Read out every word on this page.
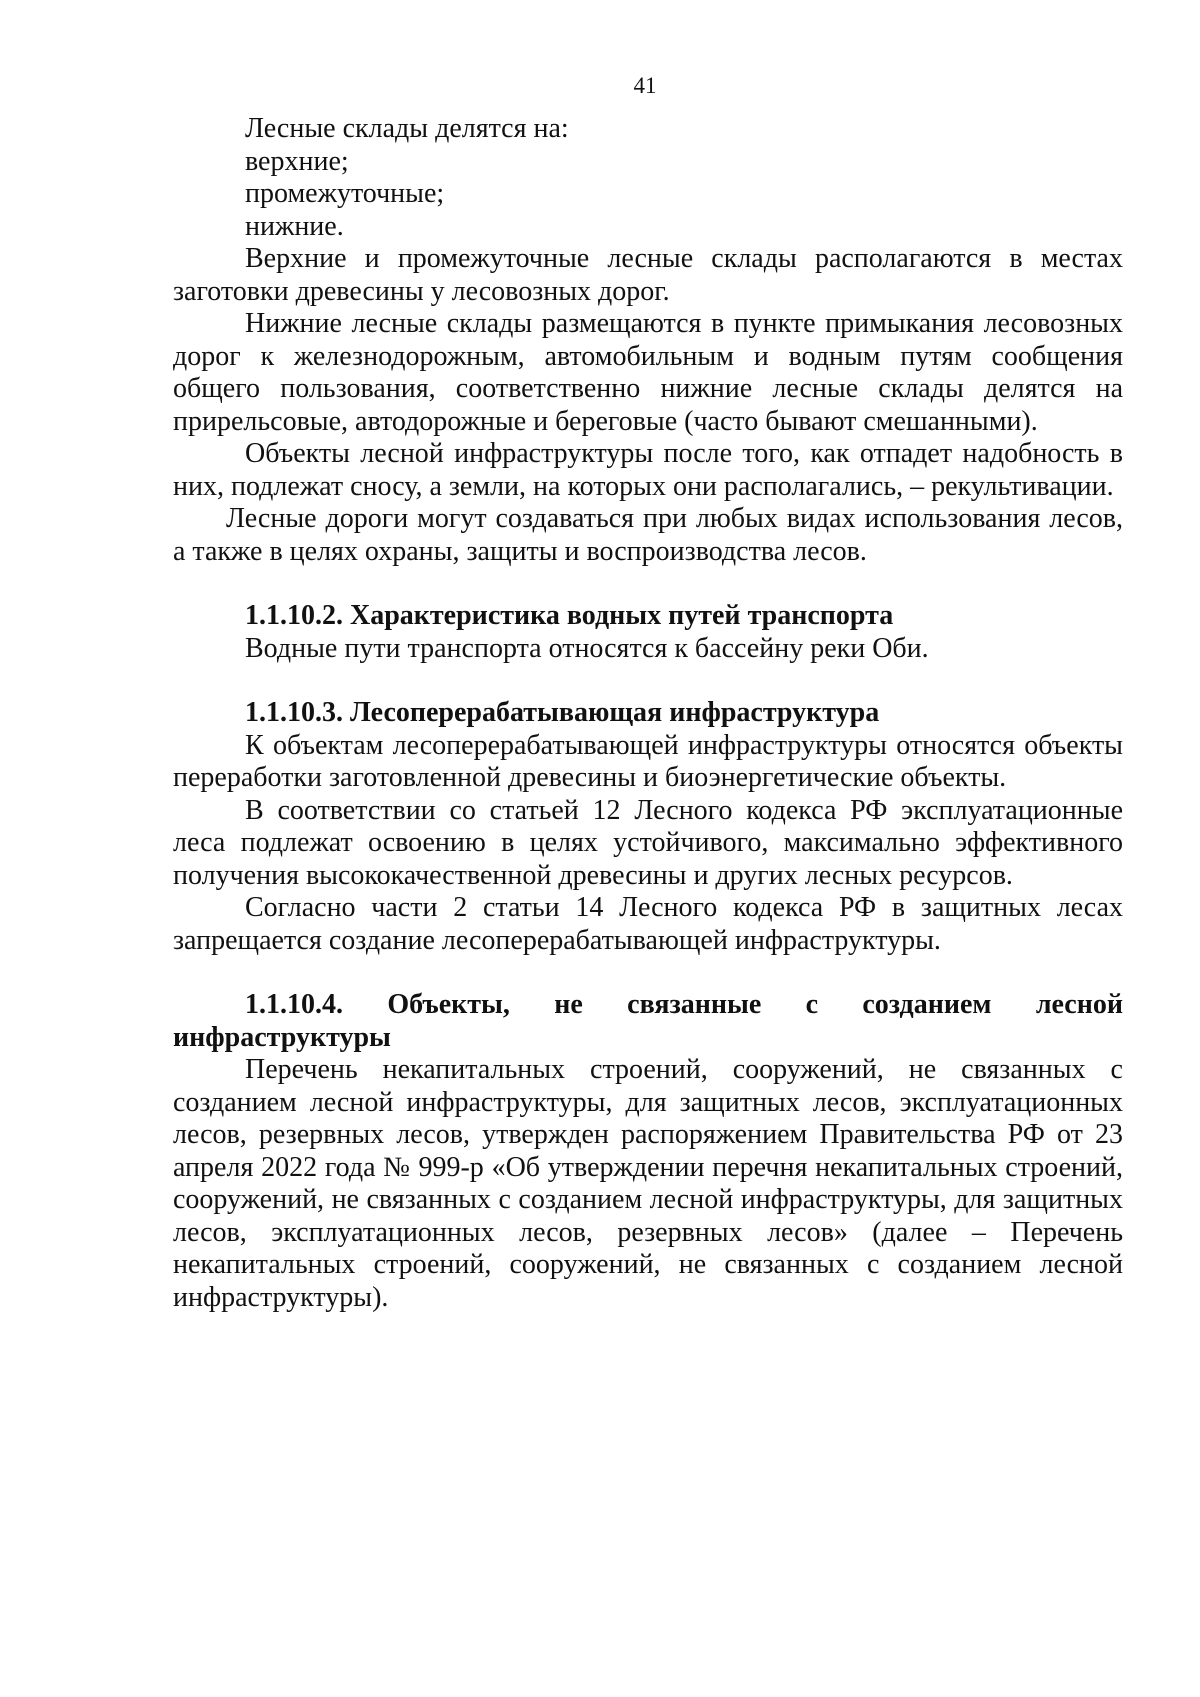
41

Лесные склады делятся на:

верхние;

промежуточные;

нижние.

Верхние и промежуточные лесные склады располагаются в местах заготовки древесины у лесовозных дорог.

Нижние лесные склады размещаются в пункте примыкания лесовозных дорог к железнодорожным, автомобильным и водным путям сообщения общего пользования, соответственно нижние лесные склады делятся на прирельсовые, автодорожные и береговые (часто бывают смешанными).

Объекты лесной инфраструктуры после того, как отпадет надобность в них, подлежат сносу, а земли, на которых они располагались, – рекультивации.

Лесные дороги могут создаваться при любых видах использования лесов, а также в целях охраны, защиты и воспроизводства лесов.

1.1.10.2. Характеристика водных путей транспорта

Водные пути транспорта относятся к бассейну реки Оби.

1.1.10.3. Лесоперерабатывающая инфраструктура

К объектам лесоперерабатывающей инфраструктуры относятся объекты переработки заготовленной древесины и биоэнергетические объекты.

В соответствии со статьей 12 Лесного кодекса РФ эксплуатационные леса подлежат освоению в целях устойчивого, максимально эффективного получения высококачественной древесины и других лесных ресурсов.

Согласно части 2 статьи 14 Лесного кодекса РФ в защитных лесах запрещается создание лесоперерабатывающей инфраструктуры.

1.1.10.4. Объекты, не связанные с созданием лесной

инфраструктуры

Перечень некапитальных строений, сооружений, не связанных с созданием лесной инфраструктуры, для защитных лесов, эксплуатационных лесов, резервных лесов, утвержден распоряжением Правительства РФ от 23 апреля 2022 года № 999-р «Об утверждении перечня некапитальных строений, сооружений, не связанных с созданием лесной инфраструктуры, для защитных лесов, эксплуатационных лесов, резервных лесов» (далее – Перечень некапитальных строений, сооружений, не связанных с созданием лесной инфраструктуры).
